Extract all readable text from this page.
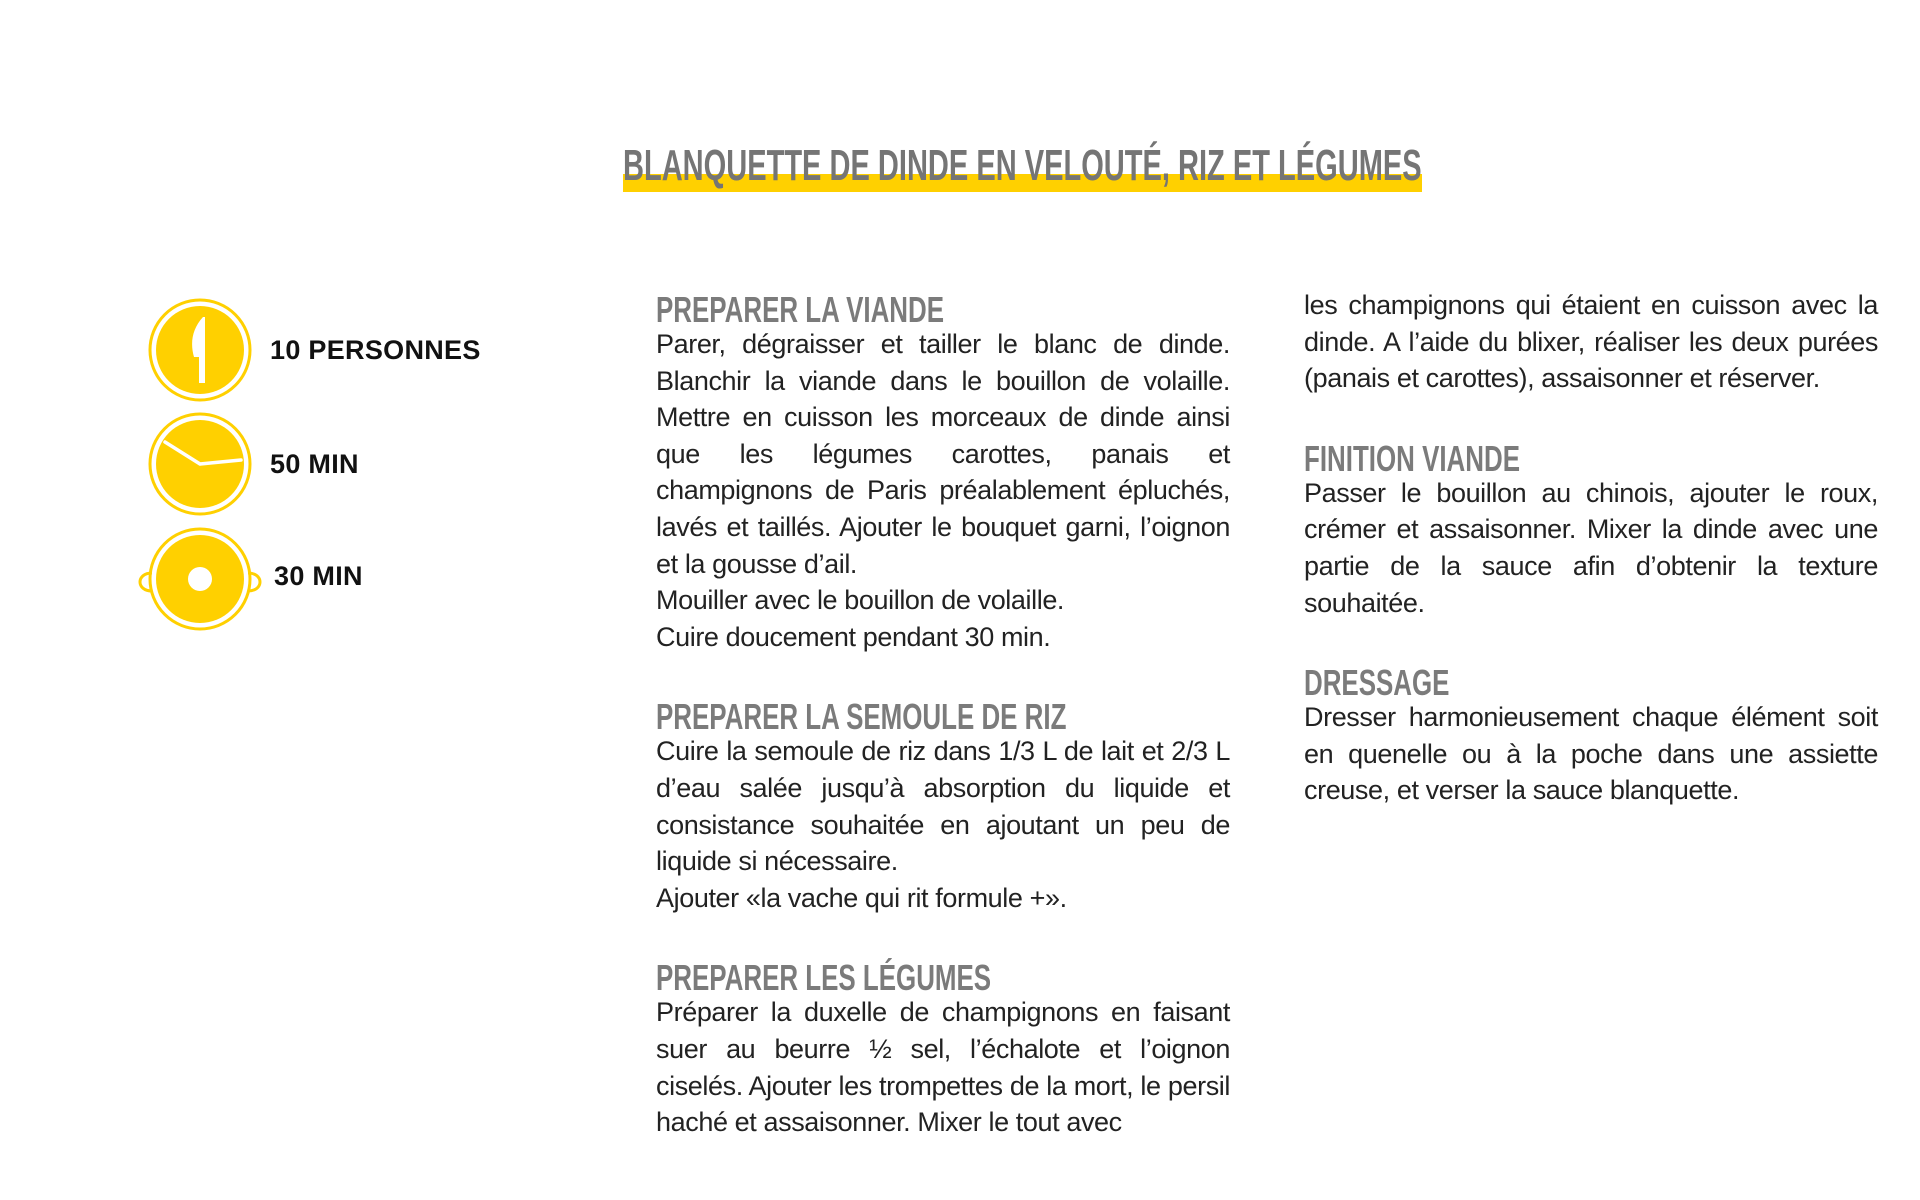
BLANQUETTE DE DINDE EN VELOUTÉ, RIZ ET LÉGUMES
10 PERSONNES
50 MIN
30 MIN
PREPARER LA VIANDE
Parer, dégraisser et tailler le blanc de dinde. Blanchir la viande dans le bouillon de volaille. Mettre en cuisson les morceaux de dinde ainsi que les légumes carottes, panais et champignons de Paris préalablement épluchés, lavés et taillés. Ajouter le bouquet garni, l’oignon et la gousse d’ail.
Mouiller avec le bouillon de volaille.
Cuire doucement pendant 30 min.
PREPARER LA SEMOULE DE RIZ
Cuire la semoule de riz dans 1/3 L de lait et 2/3 L d’eau salée jusqu’à absorption du liquide et consistance souhaitée en ajoutant un peu de liquide si nécessaire.
Ajouter «la vache qui rit formule +».
PREPARER LES LÉGUMES
Préparer la duxelle de champignons en faisant suer au beurre ½ sel, l’échalote et l’oignon ciselés. Ajouter les trompettes de la mort, le persil haché et assaisonner. Mixer le tout avec
les champignons qui étaient en cuisson avec la dinde. A l’aide du blixer, réaliser les deux purées (panais et carottes), assaisonner et réserver.
FINITION VIANDE
Passer le bouillon au chinois, ajouter le roux, crémer et assaisonner. Mixer la dinde avec une partie de la sauce afin d’obtenir la texture souhaitée.
DRESSAGE
Dresser harmonieusement chaque élément soit en quenelle ou à la poche dans une assiette creuse, et verser la sauce blanquette.
